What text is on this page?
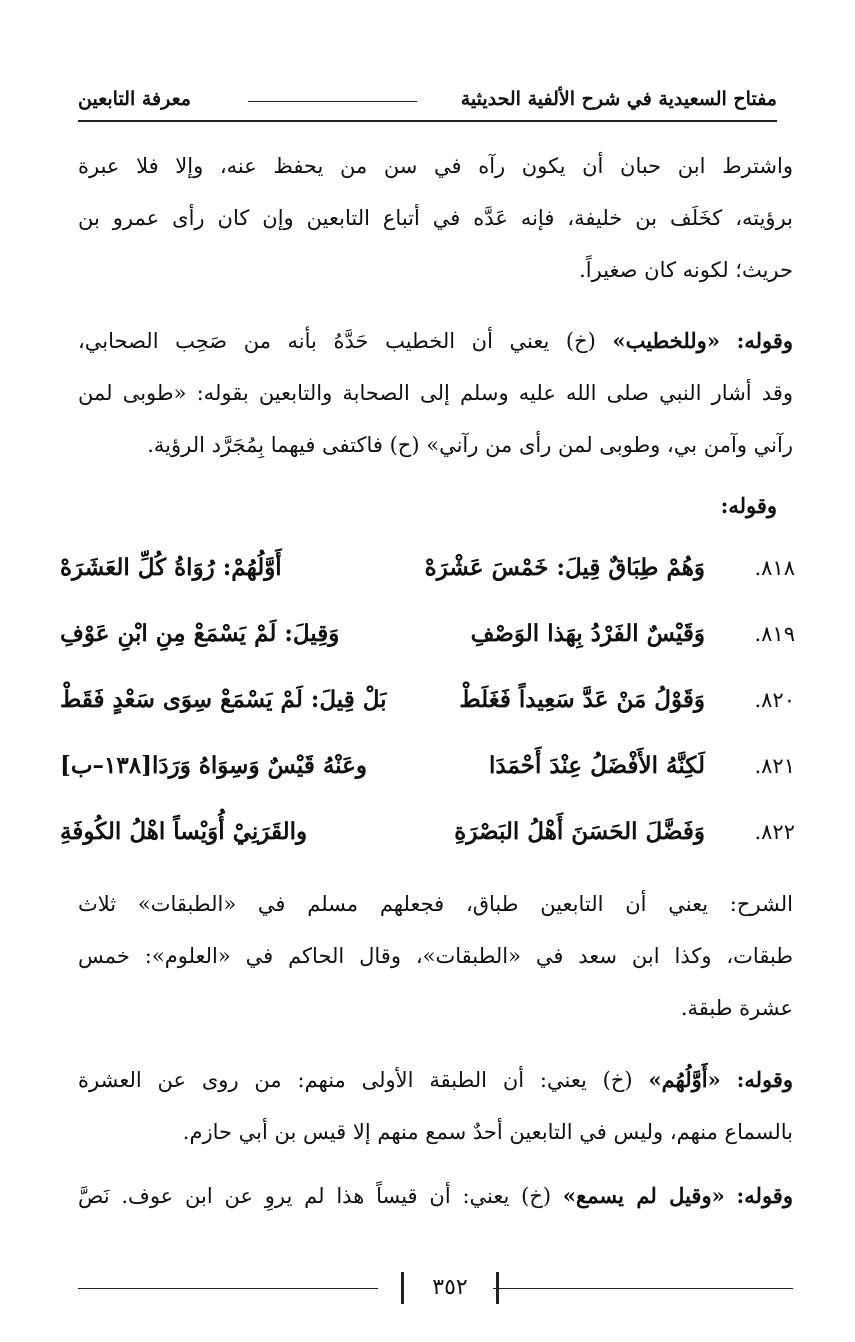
مفتاح السعيدية في شرح الألفية الحديثية
معرفة التابعين
واشترط ابن حبان أن يكون رآه في سن من يحفظ عنه، وإلا فلا عبرة
برؤيته، كخَلَف بن خليفة، فإنه عَدَّه في أتباع التابعين وإن كان رأى عمرو بن
حريث؛ لكونه كان صغيراً.
وقوله: «وللخطيب» (خ) يعني أن الخطيب حَدَّهُ بأنه من صَحِب الصحابي،
وقد أشار النبي صلى الله عليه وسلم إلى الصحابة والتابعين بقوله: «طوبى لمن
رآني وآمن بي، وطوبى لمن رأى من رآني» (ح) فاكتفى فيهما بِمُجَرَّد الرؤية.
وقوله:
٨١٨.
وَهُمْ طِبَاقٌ قِيلَ: خَمْسَ عَشْرَهْ
أَوَّلُهُمْ: رُوَاةُ كُلِّ العَشَرَهْ
٨١٩.
وَقَيْسٌ الفَرْدُ بِهَذا الوَصْفِ
وَقِيلَ: لَمْ يَسْمَعْ مِنِ ابْنِ عَوْفِ
٨٢٠.
وَقَوْلُ مَنْ عَدَّ سَعِيداً فَغَلَطْ
بَلْ قِيلَ: لَمْ يَسْمَعْ سِوَى سَعْدٍ فَقَطْ
٨٢١.
لَكِنَّهُ الأَفْضَلُ عِنْدَ أَحْمَدَا
وعَنْهُ قَيْسٌ وَسِوَاهُ وَرَدَا[١٣٨–ب]
٨٢٢.
وَفَضَّلَ الحَسَنَ أَهْلُ البَصْرَةِ
والقَرَنِيْ أُوَيْساً اهْلُ الكُوفَةِ
الشرح: يعني أن التابعين طباق، فجعلهم مسلم في «الطبقات» ثلاث
طبقات، وكذا ابن سعد في «الطبقات»، وقال الحاكم في «العلوم»: خمس
عشرة طبقة.
وقوله: «أَوَّلُهُم» (خ) يعني: أن الطبقة الأولى منهم: من روى عن العشرة
بالسماع منهم، وليس في التابعين أحدٌ سمع منهم إلا قيس بن أبي حازم.
وقوله: «وقيل لم يسمع» (خ) يعني: أن قيساً هذا لم يروِ عن ابن عوف. نَصَّ
٣٥٢
